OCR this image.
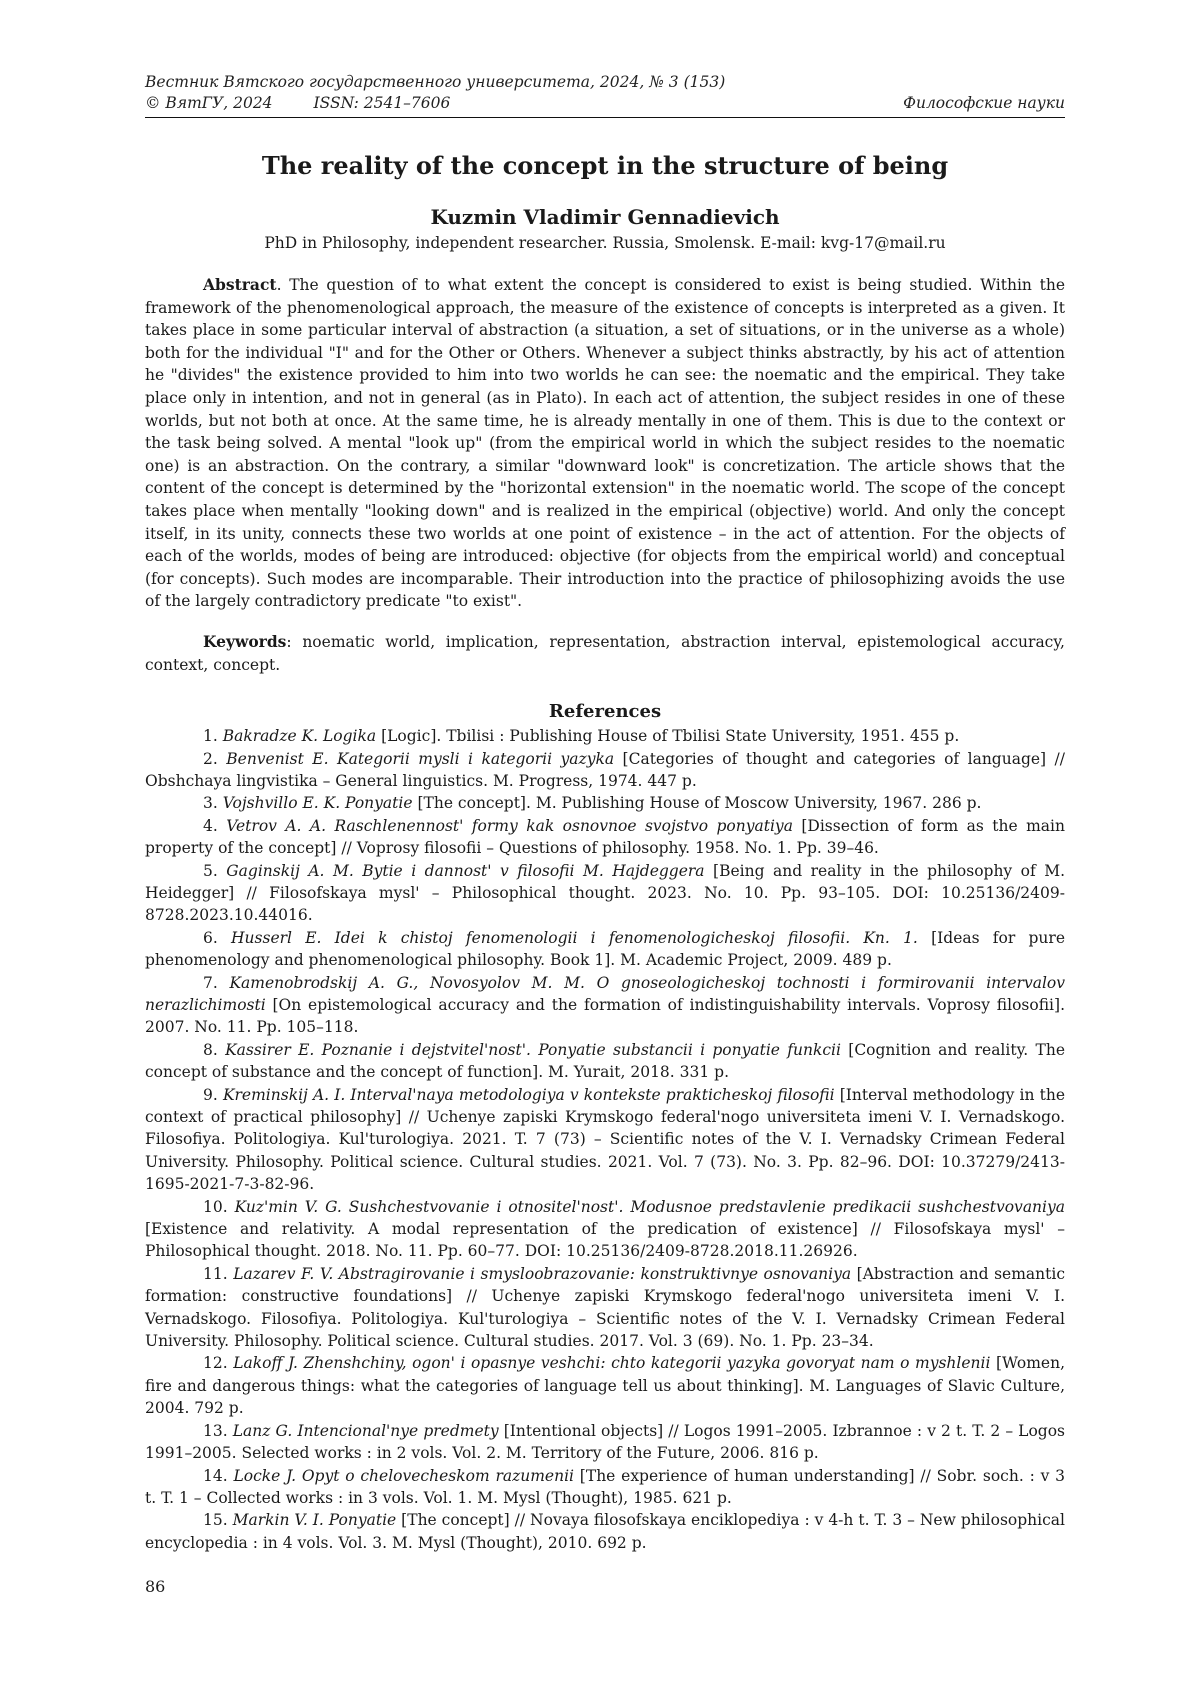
Вестник Вятского государственного университета, 2024, № 3 (153)
© ВятГУ, 2024	ISSN: 2541–7606	Философские науки
The reality of the concept in the structure of being
Kuzmin Vladimir Gennadievich
PhD in Philosophy, independent researcher. Russia, Smolensk. E-mail: kvg-17@mail.ru

Abstract. The question of to what extent the concept is considered to exist is being studied. Within the framework of the phenomenological approach, the measure of the existence of concepts is interpreted as a given. It takes place in some particular interval of abstraction (a situation, a set of situations, or in the universe as a whole) both for the individual "I" and for the Other or Others. Whenever a subject thinks abstractly, by his act of attention he "divides" the existence provided to him into two worlds he can see: the noematic and the empirical. They take place only in intention, and not in general (as in Plato). In each act of attention, the subject resides in one of these worlds, but not both at once. At the same time, he is already mentally in one of them. This is due to the context or the task being solved. A mental "look up" (from the empirical world in which the subject resides to the noematic one) is an abstraction. On the contrary, a similar "downward look" is concretization. The article shows that the content of the concept is determined by the "horizontal extension" in the noematic world. The scope of the concept takes place when mentally "looking down" and is realized in the empirical (objective) world. And only the concept itself, in its unity, connects these two worlds at one point of existence – in the act of attention. For the objects of each of the worlds, modes of being are introduced: objective (for objects from the empirical world) and conceptual (for concepts). Such modes are incomparable. Their introduction into the practice of philosophizing avoids the use of the largely contradictory predicate "to exist".

Keywords: noematic world, implication, representation, abstraction interval, epistemological accuracy, context, concept.

References

1. Bakradze K. Logika [Logic]. Tbilisi : Publishing House of Tbilisi State University, 1951. 455 p.

2. Benvenist E. Kategorii mysli i kategorii yazyka [Categories of thought and categories of language] // Obshchaya lingvistika – General linguistics. M. Progress, 1974. 447 p.

3. Vojshvillo E. K. Ponyatie [The concept]. M. Publishing House of Moscow University, 1967. 286 p.

4. Vetrov A. A. Raschlenennost' formy kak osnovnoe svojstvo ponyatiya [Dissection of form as the main property of the concept] // Voprosy filosofii – Questions of philosophy. 1958. No. 1. Pp. 39–46.

5. Gaginskij A. M. Bytie i dannost' v filosofii M. Hajdeggera [Being and reality in the philosophy of M. Heidegger] // Filosofskaya mysl' – Philosophical thought. 2023. No. 10. Pp. 93–105. DOI: 10.25136/2409-8728.2023.10.44016.

6. Husserl E. Idei k chistoj fenomenologii i fenomenologicheskoj filosofii. Kn. 1. [Ideas for pure phenomenology and phenomenological philosophy. Book 1]. M. Academic Project, 2009. 489 p.

7. Kamenobrodskij A. G., Novosyolov M. M. O gnoseologicheskoj tochnosti i formirovanii intervalov nerazlichimosti [On epistemological accuracy and the formation of indistinguishability intervals. Voprosy filosofii]. 2007. No. 11. Pp. 105–118.

8. Kassirer E. Poznanie i dejstvitel'nost'. Ponyatie substancii i ponyatie funkcii [Cognition and reality. The concept of substance and the concept of function]. M. Yurait, 2018. 331 p.

9. Kreminskij A. I. Interval'naya metodologiya v kontekste prakticheskoj filosofii [Interval methodology in the context of practical philosophy] // Uchenye zapiski Krymskogo federal'nogo universiteta imeni V. I. Vernadskogo. Filosofiya. Politologiya. Kul'turologiya. 2021. T. 7 (73) – Scientific notes of the V. I. Vernadsky Crimean Federal University. Philosophy. Political science. Cultural studies. 2021. Vol. 7 (73). No. 3. Pp. 82–96. DOI: 10.37279/2413-1695-2021-7-3-82-96.

10. Kuz'min V. G. Sushchestvovanie i otnositel'nost'. Modusnoe predstavlenie predikacii sushchestvovaniya [Existence and relativity. A modal representation of the predication of existence] // Filosofskaya mysl' – Philosophical thought. 2018. No. 11. Pp. 60–77. DOI: 10.25136/2409-8728.2018.11.26926.

11. Lazarev F. V. Abstragirovanie i smysloobrazovanie: konstruktivnye osnovaniya [Abstraction and semantic formation: constructive foundations] // Uchenye zapiski Krymskogo federal'nogo universiteta imeni V. I. Vernadskogo. Filosofiya. Politologiya. Kul'turologiya – Scientific notes of the V. I. Vernadsky Crimean Federal University. Philosophy. Political science. Cultural studies. 2017. Vol. 3 (69). No. 1. Pp. 23–34.

12. Lakoff J. Zhenshchiny, ogon' i opasnye veshchi: chto kategorii yazyka govoryat nam o myshlenii [Women, fire and dangerous things: what the categories of language tell us about thinking]. M. Languages of Slavic Culture, 2004. 792 p.

13. Lanz G. Intencional'nye predmety [Intentional objects] // Logos 1991–2005. Izbrannoe : v 2 t. T. 2 – Logos 1991–2005. Selected works : in 2 vols. Vol. 2. M. Territory of the Future, 2006. 816 p.

14. Locke J. Opyt o chelovecheskom razumenii [The experience of human understanding] // Sobr. soch. : v 3 t. T. 1 – Collected works : in 3 vols. Vol. 1. M. Mysl (Thought), 1985. 621 p.

15. Markin V. I. Ponyatie [The concept] // Novaya filosofskaya enciklopediya : v 4-h t. T. 3 – New philosophical encyclopedia : in 4 vols. Vol. 3. M. Mysl (Thought), 2010. 692 p.

86
